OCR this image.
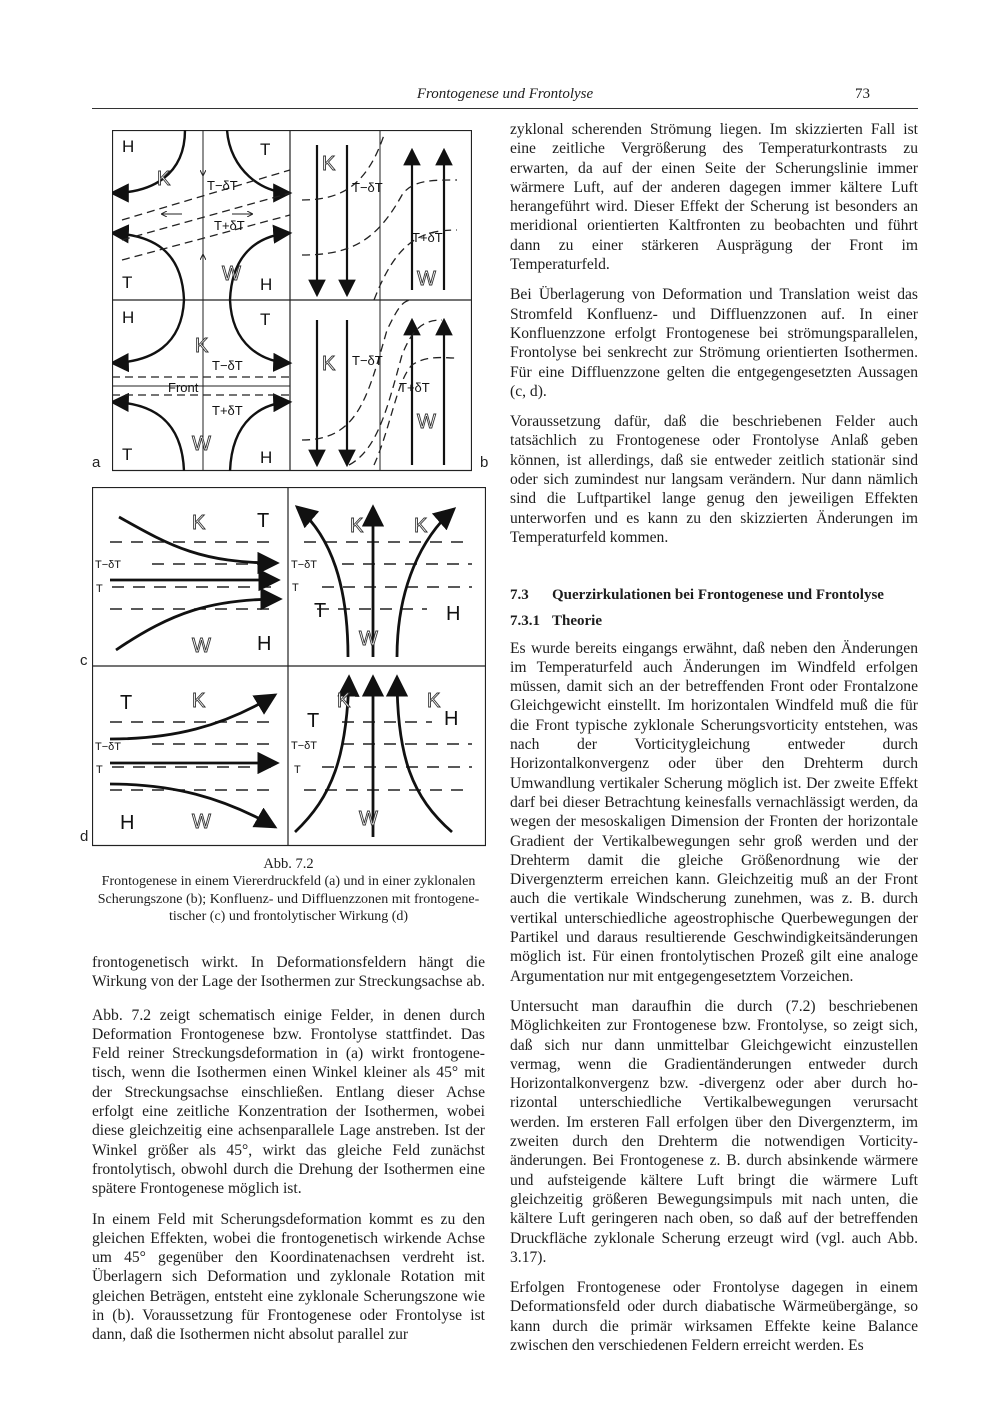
Frontogenese und Frontolyse	73
H	T
T	H
H	T
T	H
T−δT
T+δT
T−δT
Front
T+δT
T−δT
T+δT
T−δT
T+δT
K
W
K
W
K
W
K
W
a	b
T−δT
T
T−δT
T
T−δT
T
T−δT
T
T
H
T	H
T
H
T	H
K
W
K	K
W
K
W
K	K
W
c
d
Abb. 7.2
Frontogenese in einem Viererdruckfeld (a) und in einer zyklonalen Scherungszone (b); Konfluenz- und Diffluenzzonen mit frontogene-tischer (c) und frontolytischer Wirkung (d)

frontogenetisch wirkt. In Deformationsfeldern hängt die Wirkung von der Lage der Isothermen zur Streckungsachse ab.

Abb. 7.2 zeigt schematisch einige Felder, in denen durch Deformation Frontogenese bzw. Frontolyse stattfindet. Das Feld reiner Streckungsdeformation in (a) wirkt frontogenetisch, wenn die Isothermen einen Winkel kleiner als 45° mit der Streckungsachse einschließen. Entlang dieser Achse erfolgt eine zeitliche Konzentration der Isothermen, wobei diese gleichzeitig eine achsenparallele Lage anstreben. Ist der Winkel größer als 45°, wirkt das gleiche Feld zunächst frontolytisch, obwohl durch die Drehung der Isothermen eine spätere Frontogenese möglich ist.

In einem Feld mit Scherungsdeformation kommt es zu den gleichen Effekten, wobei die frontogenetisch wirkende Achse um 45° gegenüber den Koordinatenachsen verdreht ist. Überlagern sich Deformation und zyklonale Rotation mit gleichen Beträgen, entsteht eine zyklonale Scherungszone wie in (b). Voraussetzung für Frontogenese oder Frontolyse ist dann, daß die Isothermen nicht absolut parallel zur

zyklonal scherenden Strömung liegen. Im skizzierten Fall ist eine zeitliche Vergrößerung des Temperaturkontrasts zu erwarten, da auf der einen Seite der Scherungslinie immer wärmere Luft, auf der anderen dagegen immer kältere Luft herangeführt wird. Dieser Effekt der Scherung ist besonders an meridional orientierten Kaltfronten zu beobachten und führt dann zu einer stärkeren Ausprägung der Front im Temperaturfeld.

Bei Überlagerung von Deformation und Translation weist das Stromfeld Konfluenz- und Diffluenzzonen auf. In einer Konfluenzzone erfolgt Frontogenese bei strömungsparallelen, Frontolyse bei senkrecht zur Strömung orientierten Isothermen. Für eine Diffluenzzone gelten die entgegengesetzten Aussagen (c, d).

Voraussetzung dafür, daß die beschriebenen Felder auch tatsächlich zu Frontogenese oder Frontolyse Anlaß geben können, ist allerdings, daß sie entweder zeitlich stationär sind oder sich zumindest nur langsam verändern. Nur dann nämlich sind die Luftpartikel lange genug den jeweiligen Effekten unterworfen und es kann zu den skizzierten Änderungen im Temperaturfeld kommen.

7.3 Querzirkulationen bei Frontogenese und Frontolyse
7.3.1 Theorie

Es wurde bereits eingangs erwähnt, daß neben den Änderungen im Temperaturfeld auch Änderungen im Windfeld erfolgen müssen, damit sich an der betreffenden Front oder Frontalzone Gleichgewicht einstellt. Im horizontalen Windfeld muß die für die Front typische zyklonale Scherungsvorticity entstehen, was nach der Vorticitygleichung entweder durch Horizontalkonvergenz oder über den Drehterm durch Umwandlung vertikaler Scherung möglich ist. Der zweite Effekt darf bei dieser Betrachtung keinesfalls vernachlässigt werden, da wegen der mesoskaligen Dimension der Fronten der horizontale Gradient der Vertikalbewegungen sehr groß werden und der Drehterm damit die gleiche Größenordnung wie der Divergenzterm erreichen kann. Gleichzeitig muß an der Front auch die vertikale Windscherung zunehmen, was z. B. durch vertikal unterschiedliche ageostrophische Querbewegungen der Partikel und daraus resultierende Geschwindigkeitsänderungen möglich ist. Für einen frontolytischen Prozeß gilt eine analoge Argumentation nur mit entgegengesetztem Vorzeichen.

Untersucht man daraufhin die durch (7.2) beschriebenen Möglichkeiten zur Frontogenese bzw. Frontolyse, so zeigt sich, daß sich nur dann unmittelbar Gleichgewicht einzustellen vermag, wenn die Gradientänderungen entweder durch Horizontalkonvergenz bzw. -divergenz oder aber durch horizontal unterschiedliche Vertikalbewegungen verursacht werden. Im ersteren Fall erfolgen über den Divergenzterm, im zweiten durch den Drehterm die notwendigen Vorticityänderungen. Bei Frontogenese z. B. durch absinkende wärmere und aufsteigende kältere Luft bringt die wärmere Luft gleichzeitig größeren Bewegungsimpuls mit nach unten, die kältere Luft geringeren nach oben, so daß auf der betreffenden Druckfläche zyklonale Scherung erzeugt wird (vgl. auch Abb. 3.17).

Erfolgen Frontogenese oder Frontolyse dagegen in einem Deformationsfeld oder durch diabatische Wärmeübergänge, so kann durch die primär wirksamen Effekte keine Balance zwischen den verschiedenen Feldern erreicht werden. Es
